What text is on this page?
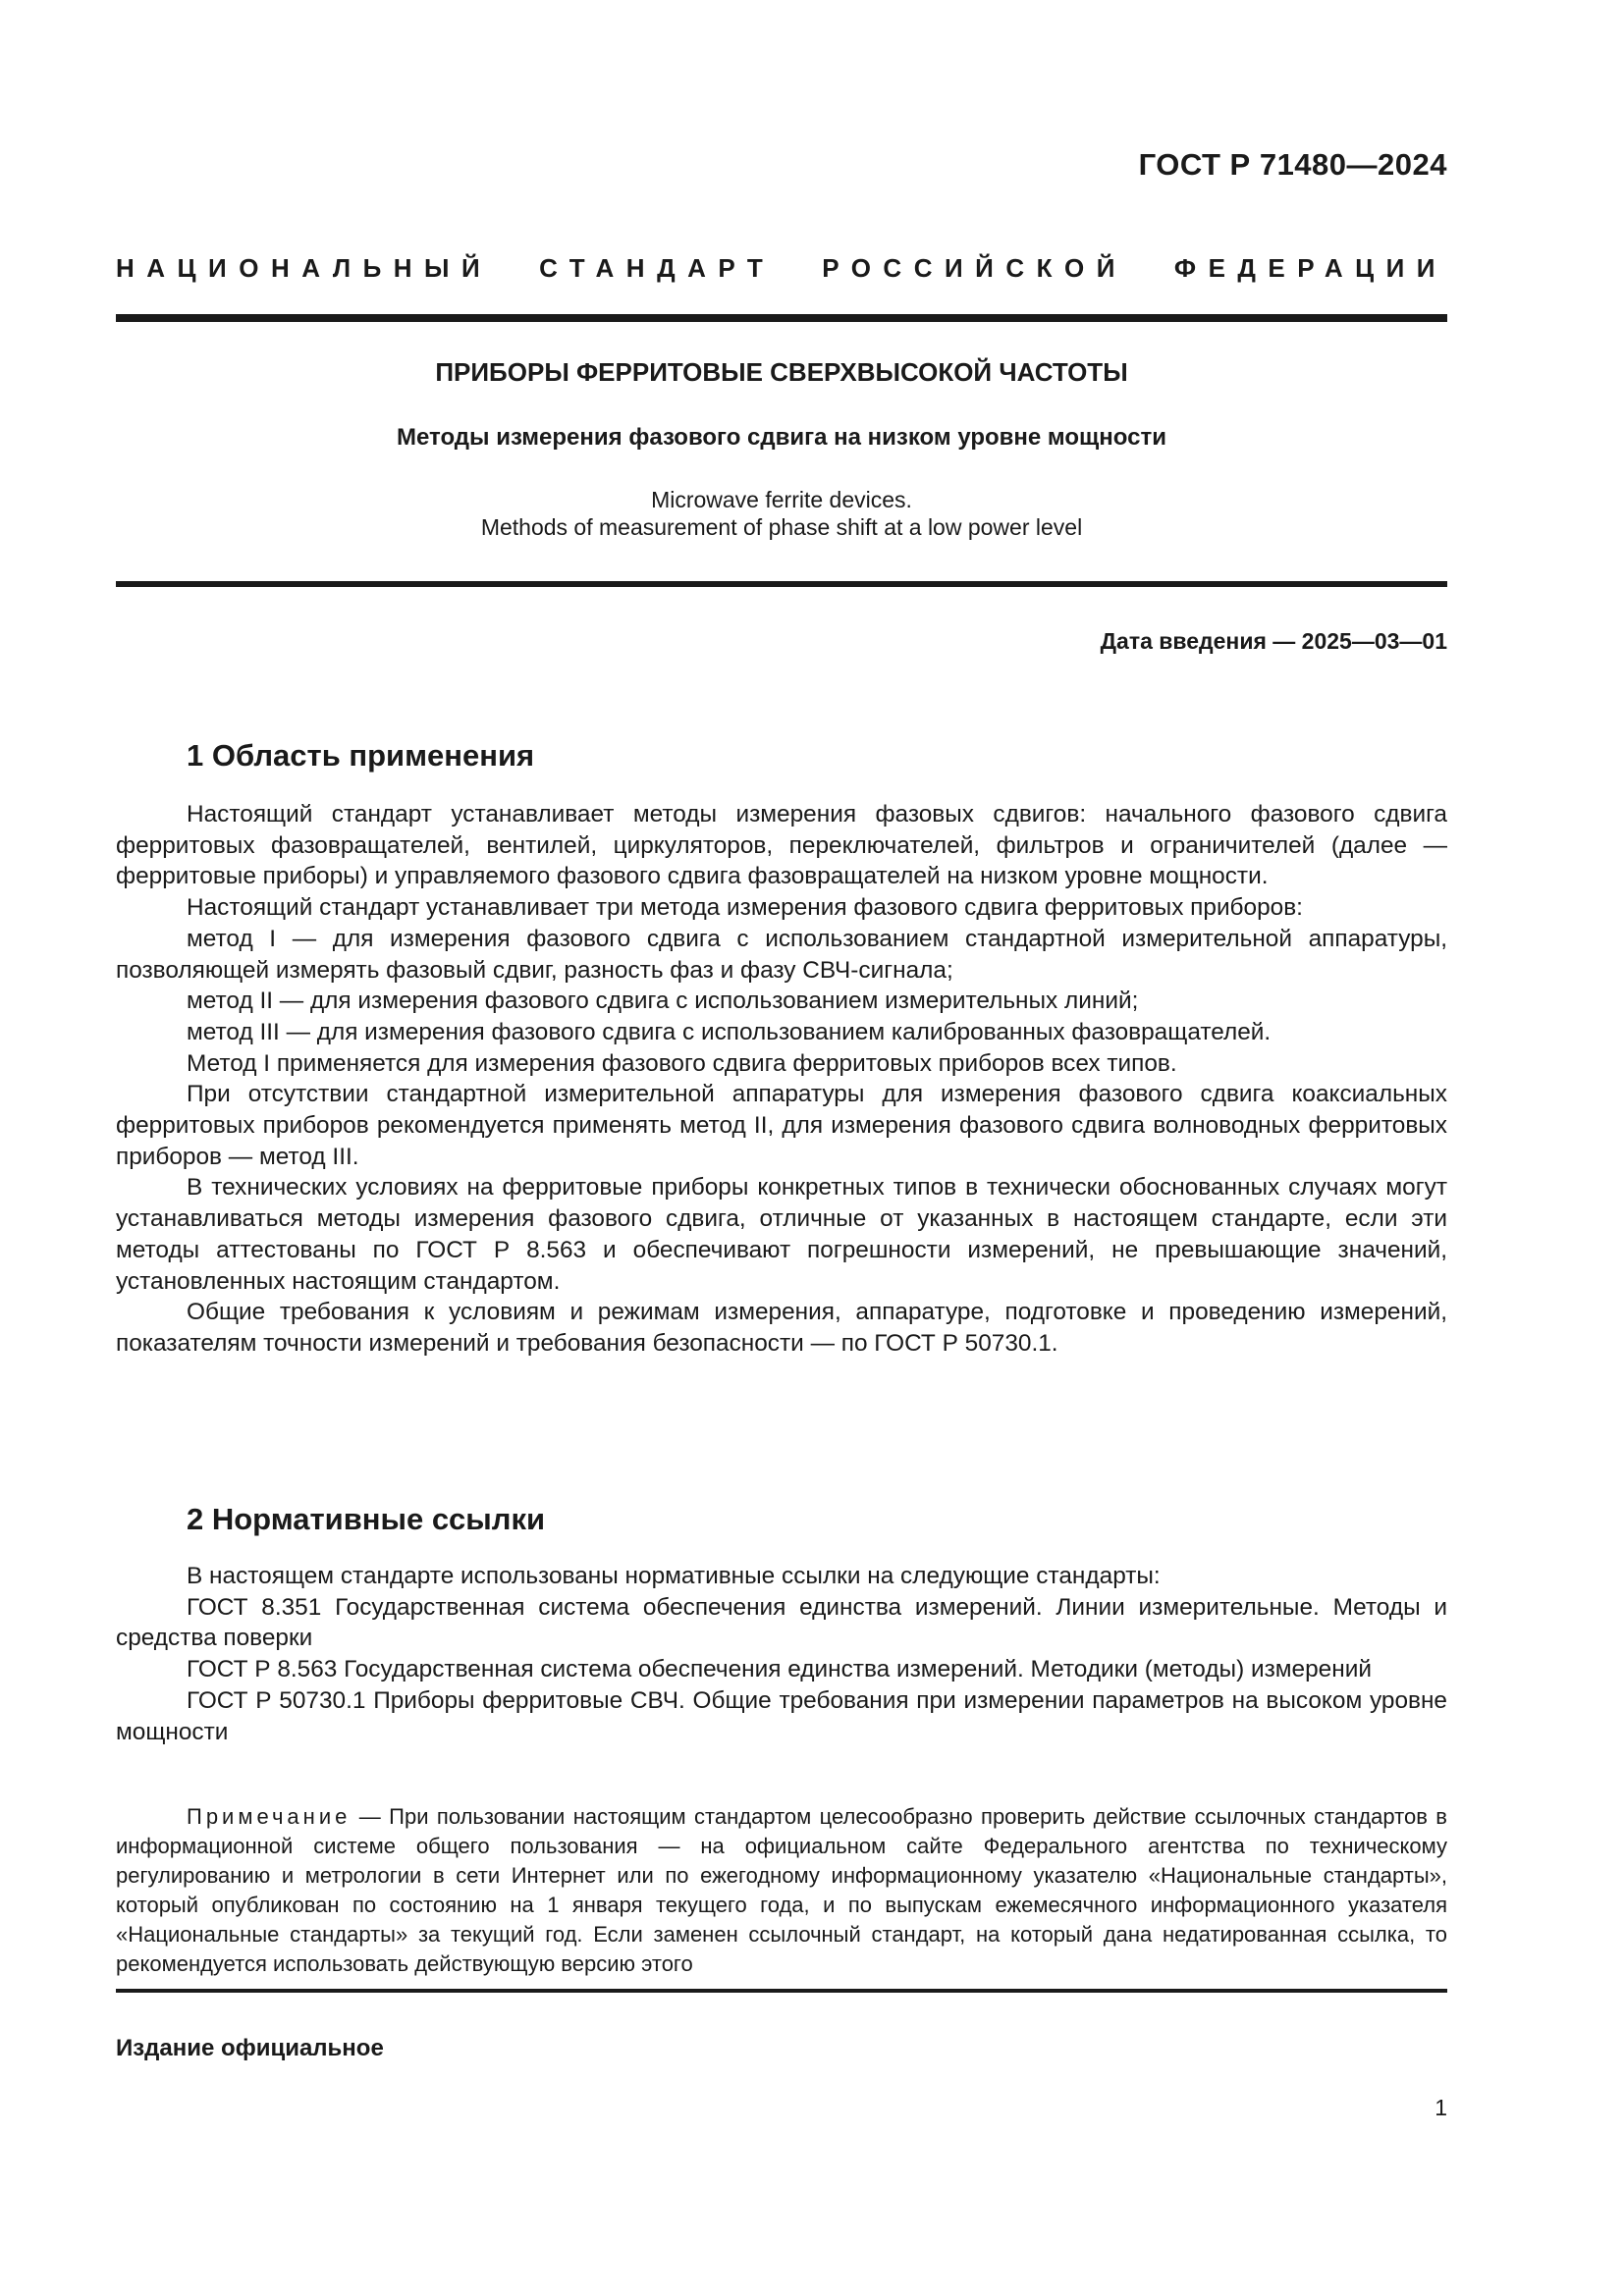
ГОСТ Р 71480—2024
НАЦИОНАЛЬНЫЙ СТАНДАРТ РОССИЙСКОЙ ФЕДЕРАЦИИ
ПРИБОРЫ ФЕРРИТОВЫЕ СВЕРХВЫСОКОЙ ЧАСТОТЫ
Методы измерения фазового сдвига на низком уровне мощности
Microwave ferrite devices.
Methods of measurement of phase shift at a low power level
Дата введения — 2025—03—01
1 Область применения

Настоящий стандарт устанавливает методы измерения фазовых сдвигов: начального фазового сдвига ферритовых фазовращателей, вентилей, циркуляторов, переключателей, фильтров и ограничителей (далее — ферритовые приборы) и управляемого фазового сдвига фазовращателей на низком уровне мощности.

Настоящий стандарт устанавливает три метода измерения фазового сдвига ферритовых приборов:

метод I — для измерения фазового сдвига с использованием стандартной измерительной аппаратуры, позволяющей измерять фазовый сдвиг, разность фаз и фазу СВЧ-сигнала;

метод II — для измерения фазового сдвига с использованием измерительных линий;

метод III — для измерения фазового сдвига с использованием калиброванных фазовращателей.

Метод I применяется для измерения фазового сдвига ферритовых приборов всех типов.

При отсутствии стандартной измерительной аппаратуры для измерения фазового сдвига коаксиальных ферритовых приборов рекомендуется применять метод II, для измерения фазового сдвига волноводных ферритовых приборов — метод III.

В технических условиях на ферритовые приборы конкретных типов в технически обоснованных случаях могут устанавливаться методы измерения фазового сдвига, отличные от указанных в настоящем стандарте, если эти методы аттестованы по ГОСТ Р 8.563 и обеспечивают погрешности измерений, не превышающие значений, установленных настоящим стандартом.

Общие требования к условиям и режимам измерения, аппаратуре, подготовке и проведению измерений, показателям точности измерений и требования безопасности — по ГОСТ Р 50730.1.

2 Нормативные ссылки

В настоящем стандарте использованы нормативные ссылки на следующие стандарты:

ГОСТ 8.351 Государственная система обеспечения единства измерений. Линии измерительные. Методы и средства поверки

ГОСТ Р 8.563 Государственная система обеспечения единства измерений. Методики (методы) измерений

ГОСТ Р 50730.1 Приборы ферритовые СВЧ. Общие требования при измерении параметров на высоком уровне мощности

Примечание — При пользовании настоящим стандартом целесообразно проверить действие ссылочных стандартов в информационной системе общего пользования — на официальном сайте Федерального агентства по техническому регулированию и метрологии в сети Интернет или по ежегодному информационному указателю «Национальные стандарты», который опубликован по состоянию на 1 января текущего года, и по выпускам ежемесячного информационного указателя «Национальные стандарты» за текущий год. Если заменен ссылочный стандарт, на который дана недатированная ссылка, то рекомендуется использовать действующую версию этого

Издание официальное
1
